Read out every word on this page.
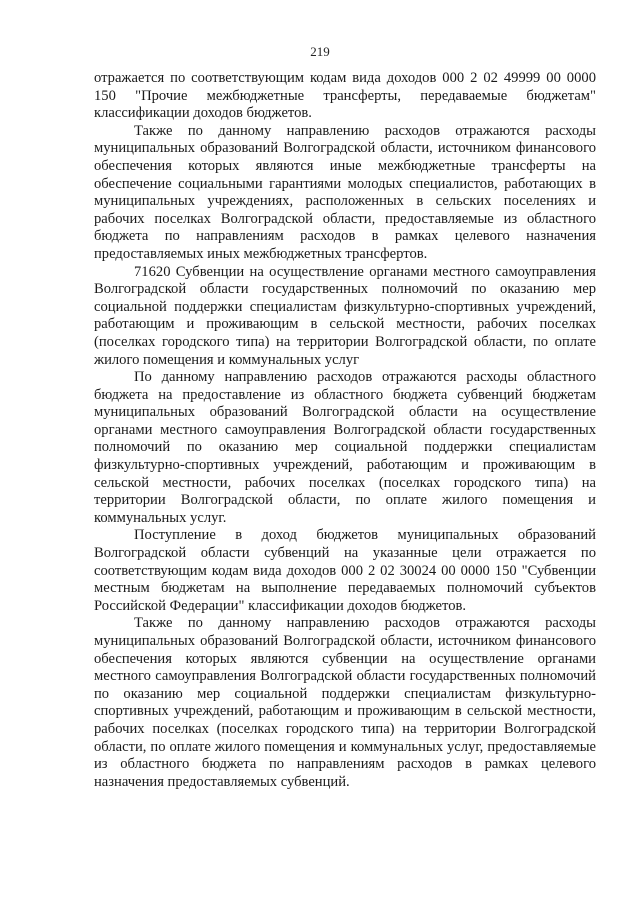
219

отражается по соответствующим кодам вида доходов 000 2 02 49999 00 0000 150 "Прочие межбюджетные трансферты, передаваемые бюджетам" классификации доходов бюджетов.

Также по данному направлению расходов отражаются расходы муниципальных образований Волгоградской области, источником финансового обеспечения которых являются иные межбюджетные трансферты на обеспечение социальными гарантиями молодых специалистов, работающих в муниципальных учреждениях, расположенных в сельских поселениях и рабочих поселках Волгоградской области, предоставляемые из областного бюджета по направлениям расходов в рамках целевого назначения предоставляемых иных межбюджетных трансфертов.

71620 Субвенции на осуществление органами местного самоуправления Волгоградской области государственных полномочий по оказанию мер социальной поддержки специалистам физкультурно-спортивных учреждений, работающим и проживающим в сельской местности, рабочих поселках (поселках городского типа) на территории Волгоградской области, по оплате жилого помещения и коммунальных услуг

По данному направлению расходов отражаются расходы областного бюджета на предоставление из областного бюджета субвенций бюджетам муниципальных образований Волгоградской области на осуществление органами местного самоуправления Волгоградской области государственных полномочий по оказанию мер социальной поддержки специалистам физкультурно-спортивных учреждений, работающим и проживающим в сельской местности, рабочих поселках (поселках городского типа) на территории Волгоградской области, по оплате жилого помещения и коммунальных услуг.

Поступление в доход бюджетов муниципальных образований Волгоградской области субвенций на указанные цели отражается по соответствующим кодам вида доходов 000 2 02 30024 00 0000 150 "Субвенции местным бюджетам на выполнение передаваемых полномочий субъектов Российской Федерации" классификации доходов бюджетов.

Также по данному направлению расходов отражаются расходы муниципальных образований Волгоградской области, источником финансового обеспечения которых являются субвенции на осуществление органами местного самоуправления Волгоградской области государственных полномочий по оказанию мер социальной поддержки специалистам физкультурно-спортивных учреждений, работающим и проживающим в сельской местности, рабочих поселках (поселках городского типа) на территории Волгоградской области, по оплате жилого помещения и коммунальных услуг, предоставляемые из областного бюджета по направлениям расходов в рамках целевого назначения предоставляемых субвенций.
